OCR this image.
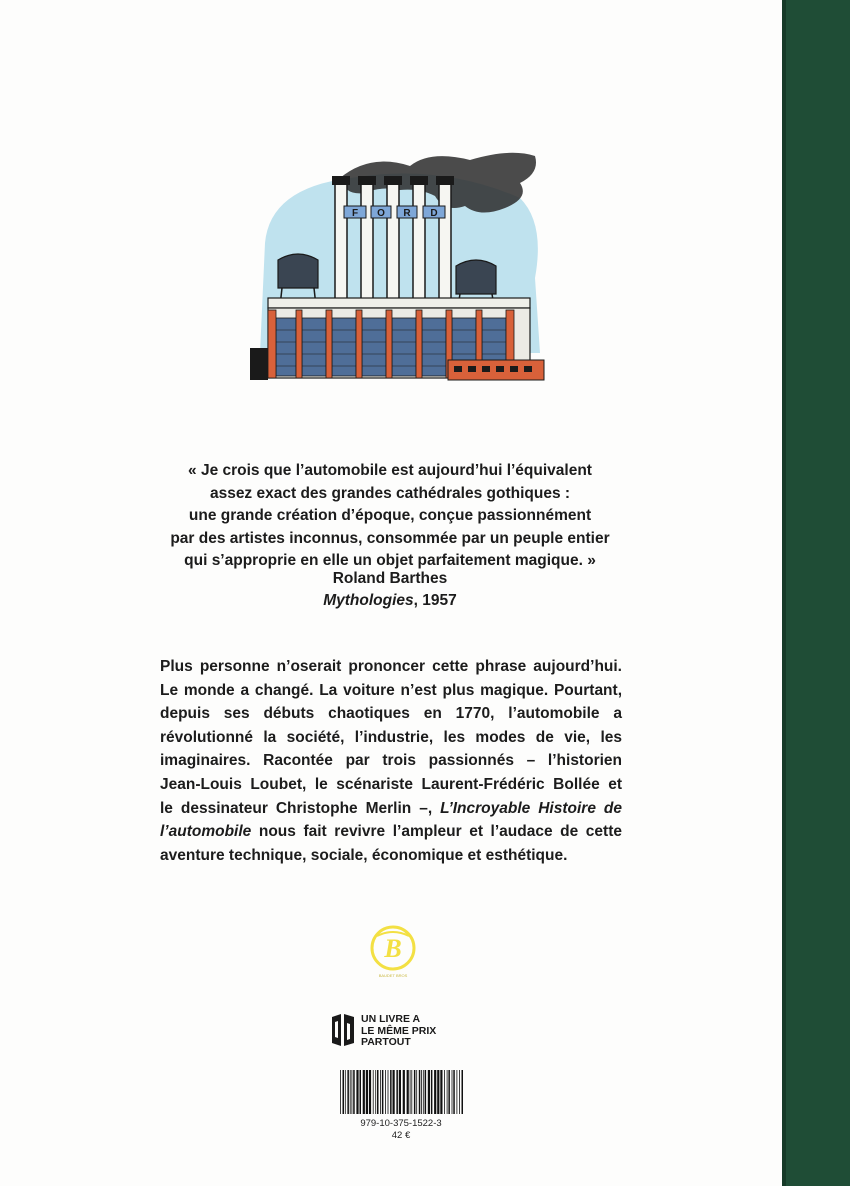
F O R D
« Je crois que l’automobile est aujourd’hui l’équivalent
assez exact des grandes cathédrales gothiques :
une grande création d’époque, conçue passionnément
par des artistes inconnus, consommée par un peuple entier
qui s’approprie en elle un objet parfaitement magique. »
Roland Barthes
Mythologies, 1957
Plus personne n’oserait prononcer cette phrase aujourd’hui.
Le monde a changé. La voiture n’est plus magique. Pourtant,
depuis ses débuts chaotiques en 1770, l’automobile a
révolutionné la société, l’industrie, les modes de vie, les
imaginaires. Racontée par trois passionnés – l’historien
Jean-Louis Loubet, le scénariste Laurent-Frédéric Bollée et
le dessinateur Christophe Merlin –, L’Incroyable Histoire de
l’automobile nous fait revivre l’ampleur et l’audace de cette
aventure technique, sociale, économique et esthétique.
B
BAUDET BROS
UN LIVRE A
LE MÊME PRIX
PARTOUT
979-10-375-1522-3
42 €
